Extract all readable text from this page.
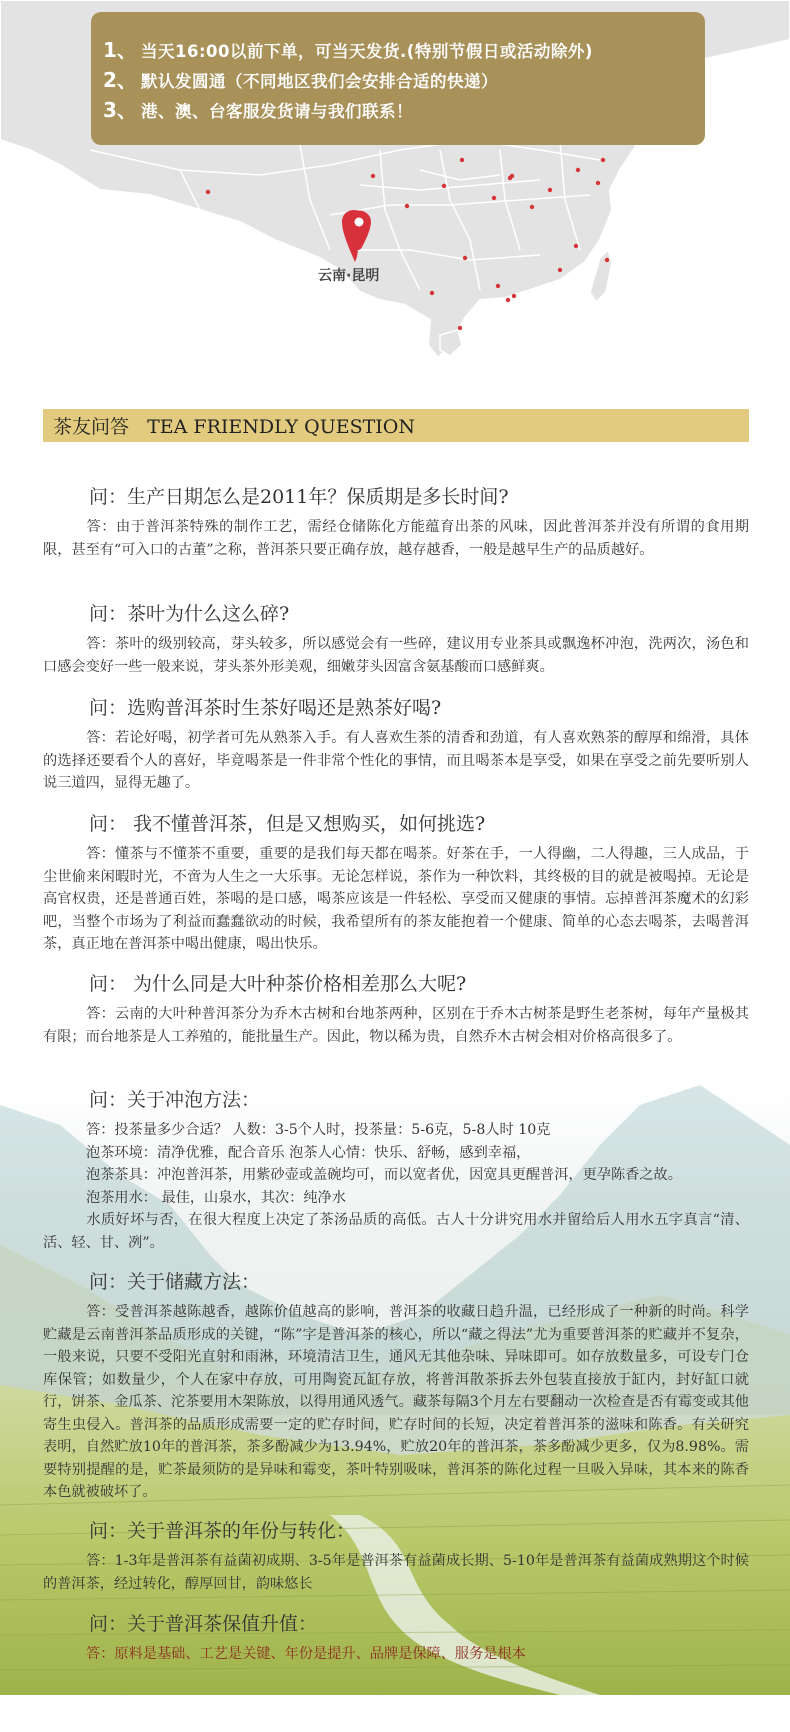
1、 当天16:00以前下单，可当天发货.(特别节假日或活动除外)
2、 默认发圆通（不同地区我们会安排合适的快递）
3、 港、澳、台客服发货请与我们联系！
云南·昆明
茶友问答   TEA FRIENDLY QUESTION

问：生产日期怎么是2011年？保质期是多长时间?

答：由于普洱茶特殊的制作工艺，需经仓储陈化方能蕴育出茶的风味，因此普洱茶并没有所谓的食用期限，甚至有“可入口的古董”之称，普洱茶只要正确存放，越存越香，一般是越早生产的品质越好。

问：茶叶为什么这么碎?

答：茶叶的级别较高，芽头较多，所以感觉会有一些碎，建议用专业茶具或飘逸杯冲泡，洗两次，汤色和口感会变好一些一般来说，芽头茶外形美观，细嫩芽头因富含氨基酸而口感鲜爽。

问：选购普洱茶时生茶好喝还是熟茶好喝?

答：若论好喝，初学者可先从熟茶入手。有人喜欢生茶的清香和劲道，有人喜欢熟茶的醇厚和绵滑，具体的选择还要看个人的喜好，毕竟喝茶是一件非常个性化的事情，而且喝茶本是享受，如果在享受之前先要听别人说三道四，显得无趣了。

问： 我不懂普洱茶，但是又想购买，如何挑选?

答：懂茶与不懂茶不重要，重要的是我们每天都在喝茶。好茶在手，一人得幽，二人得趣，三人成品，于尘世偷来闲暇时光，不啻为人生之一大乐事。无论怎样说，茶作为一种饮料，其终极的目的就是被喝掉。无论是高官权贵，还是普通百姓，茶喝的是口感，喝茶应该是一件轻松、享受而又健康的事情。忘掉普洱茶魔术的幻彩吧，当整个市场为了利益而蠢蠢欲动的时候，我希望所有的茶友能抱着一个健康、简单的心态去喝茶，去喝普洱茶，真正地在普洱茶中喝出健康，喝出快乐。

问： 为什么同是大叶种茶价格相差那么大呢?

答：云南的大叶种普洱茶分为乔木古树和台地茶两种，区别在于乔木古树茶是野生老茶树，每年产量极其有限；而台地茶是人工养殖的，能批量生产。因此，物以稀为贵，自然乔木古树会相对价格高很多了。

问：关于冲泡方法：

答：投茶量多少合适？ 人数：3-5个人时，投茶量：5-6克，5-8人时 10克
泡茶环境：清净优雅，配合音乐 泡茶人心情：快乐、舒畅，感到幸福，
泡茶茶具：冲泡普洱茶，用紫砂壶或盖碗均可，而以宽者优，因宽具更醒普洱，更孕陈香之故。
泡茶用水： 最佳，山泉水，其次：纯净水

水质好坏与否，在很大程度上决定了茶汤品质的高低。古人十分讲究用水并留给后人用水五字真言“清、活、轻、甘、冽”。

问：关于储藏方法：

答：受普洱茶越陈越香，越陈价值越高的影响，普洱茶的收藏日趋升温，已经形成了一种新的时尚。科学贮藏是云南普洱茶品质形成的关键，“陈”字是普洱茶的核心，所以“藏之得法”尤为重要普洱茶的贮藏并不复杂，一般来说，只要不受阳光直射和雨淋，环境清洁卫生，通风无其他杂味、异味即可。如存放数量多，可设专门仓库保管；如数量少，个人在家中存放，可用陶瓷瓦缸存放，将普洱散茶拆去外包装直接放于缸内，封好缸口就行，饼茶、金瓜茶、沱茶要用木架陈放，以得用通风透气。藏茶每隔3个月左右要翻动一次检查是否有霉变或其他寄生虫侵入。普洱茶的品质形成需要一定的贮存时间，贮存时间的长短，决定着普洱茶的滋味和陈香。有关研究表明，自然贮放10年的普洱茶，茶多酚减少为13.94%，贮放20年的普洱茶，茶多酚减少更多，仅为8.98%。需要特别提醒的是，贮茶最须防的是异味和霉变，茶叶特别吸味，普洱茶的陈化过程一旦吸入异味，其本来的陈香本色就被破坏了。

问：关于普洱茶的年份与转化：

答：1-3年是普洱茶有益菌初成期、3-5年是普洱茶有益菌成长期、5-10年是普洱茶有益菌成熟期这个时候的普洱茶，经过转化，醇厚回甘，韵味悠长

问：关于普洱茶保值升值：

答：原料是基础、工艺是关键、年份是提升、品牌是保障、服务是根本
